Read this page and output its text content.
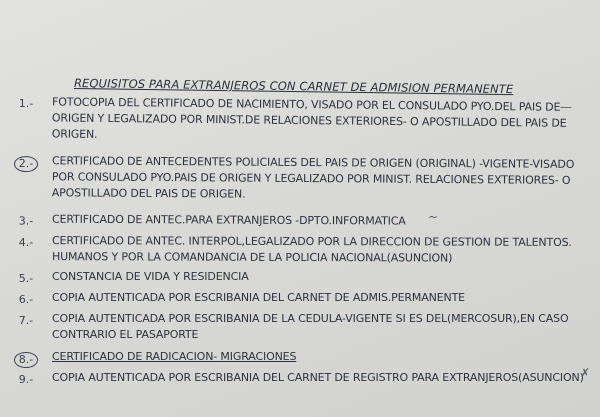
REQUISITOS PARA EXTRANJEROS CON CARNET DE ADMISION PERMANENTE
1.-	FOTOCOPIA DEL CERTIFICADO DE NACIMIENTO, VISADO POR EL CONSULADO PYO.DEL PAIS DE
ORIGEN Y LEGALIZADO POR MINIST.DE RELACIONES EXTERIORES- O APOSTILLADO DEL PAIS DE
ORIGEN.
2.-	CERTIFICADO DE ANTECEDENTES POLICIALES DEL PAIS DE ORIGEN (ORIGINAL) -VIGENTE-VISADO
POR CONSULADO PYO.PAIS DE ORIGEN Y LEGALIZADO POR MINIST. RELACIONES EXTERIORES- O
APOSTILLADO DEL PAIS DE ORIGEN.
3.-	CERTIFICADO DE ANTEC.PARA EXTRANJEROS -DPTO.INFORMATICA
4.-	CERTIFICADO DE ANTEC. INTERPOL,LEGALIZADO POR LA DIRECCION DE GESTION DE TALENTOS.
HUMANOS Y POR LA COMANDANCIA DE LA POLICIA NACIONAL(ASUNCION)
5.-	CONSTANCIA DE VIDA Y RESIDENCIA
6.-	COPIA AUTENTICADA POR ESCRIBANIA DEL CARNET DE ADMIS.PERMANENTE
7.-	COPIA AUTENTICADA POR ESCRIBANIA DE LA CEDULA-VIGENTE SI ES DEL(MERCOSUR),EN CASO
CONTRARIO EL PASAPORTE
8.-	CERTIFICADO DE RADICACION- MIGRACIONES
9.-	COPIA AUTENTICADA POR ESCRIBANIA DEL CARNET DE REGISTRO PARA EXTRANJEROS(ASUNCION)
—
~
✗
